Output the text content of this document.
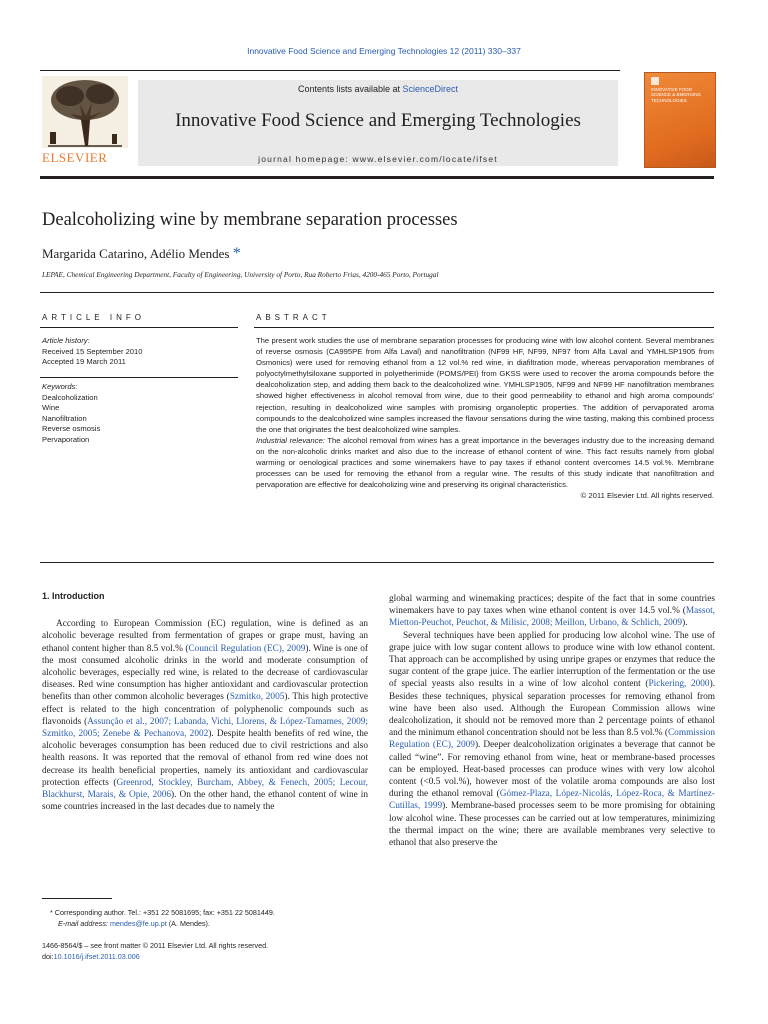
Innovative Food Science and Emerging Technologies 12 (2011) 330–337
ELSEVIER
Contents lists available at ScienceDirect
Innovative Food Science and Emerging Technologies
journal homepage: www.elsevier.com/locate/ifset
INNOVATIVE FOOD SCIENCE & EMERGING TECHNOLOGIES
Dealcoholizing wine by membrane separation processes
Margarida Catarino, Adélio Mendes *
LEPAE, Chemical Engineering Department, Faculty of Engineering, University of Porto, Rua Roberto Frias, 4200-465 Porto, Portugal
ARTICLE INFO	ABSTRACT
Article history:
Received 15 September 2010
Accepted 19 March 2011
Keywords:
Dealcoholization
Wine
Nanofiltration
Reverse osmosis
Pervaporation

The present work studies the use of membrane separation processes for producing wine with low alcohol content. Several membranes of reverse osmosis (CA995PE from Alfa Laval) and nanofiltration (NF99 HF, NF99, NF97 from Alfa Laval and YMHLSP1905 from Osmonics) were used for removing ethanol from a 12 vol.% red wine, in diafiltration mode, whereas pervaporation membranes of polyoctylmethylsiloxane supported in polyetherimide (POMS/PEI) from GKSS were used to recover the aroma compounds before the dealcoholization step, and adding them back to the dealcoholized wine. YMHLSP1905, NF99 and NF99 HF nanofiltration membranes showed higher effectiveness in alcohol removal from wine, due to their good permeability to ethanol and high aroma compounds' rejection, resulting in dealcoholized wine samples with promising organoleptic properties. The addition of pervaporated aroma compounds to the dealcoholized wine samples increased the flavour sensations during the wine tasting, making this combined process the one that originates the best dealcoholized wine samples.

Industrial relevance: The alcohol removal from wines has a great importance in the beverages industry due to the increasing demand on the non-alcoholic drinks market and also due to the increase of ethanol content of wine. This fact results namely from global warming or oenological practices and some winemakers have to pay taxes if ethanol content overcomes 14.5 vol.%. Membrane processes can be used for removing the ethanol from a regular wine. The results of this study indicate that nanofiltration and pervaporation are effective for dealcoholizing wine and preserving its original characteristics.

© 2011 Elsevier Ltd. All rights reserved.

1. Introduction

According to European Commission (EC) regulation, wine is defined as an alcoholic beverage resulted from fermentation of grapes or grape must, having an ethanol content higher than 8.5 vol.% (Council Regulation (EC), 2009). Wine is one of the most consumed alcoholic drinks in the world and moderate consumption of alcoholic beverages, especially red wine, is related to the decrease of cardiovascular diseases. Red wine consumption has higher antioxidant and cardiovascular protection benefits than other common alcoholic beverages (Szmitko, 2005). This high protective effect is related to the high concentration of polyphenolic compounds such as flavonoids (Assunção et al., 2007; Labanda, Vichi, Llorens, & López-Tamames, 2009; Szmitko, 2005; Zenebe & Pechanova, 2002). Despite health benefits of red wine, the alcoholic beverages consumption has been reduced due to civil restrictions and also health reasons. It was reported that the removal of ethanol from red wine does not decrease its health beneficial properties, namely its antioxidant and cardiovascular protection effects (Greenrod, Stockley, Burcham, Abbey, & Fenech, 2005; Lecour, Blackhurst, Marais, & Opie, 2006). On the other hand, the ethanol content of wine in some countries increased in the last decades due to namely the

global warming and winemaking practices; despite of the fact that in some countries winemakers have to pay taxes when wine ethanol content is over 14.5 vol.% (Massot, Mietton-Peuchot, Peuchot, & Milisic, 2008; Meillon, Urbano, & Schlich, 2009).

Several techniques have been applied for producing low alcohol wine. The use of grape juice with low sugar content allows to produce wine with low ethanol content. That approach can be accomplished by using unripe grapes or enzymes that reduce the sugar content of the grape juice. The earlier interruption of the fermentation or the use of special yeasts also results in a wine of low alcohol content (Pickering, 2000). Besides these techniques, physical separation processes for removing ethanol from wine have been also used. Although the European Commission allows wine dealcoholization, it should not be removed more than 2 percentage points of ethanol and the minimum ethanol concentration should not be less than 8.5 vol.% (Commission Regulation (EC), 2009). Deeper dealcoholization originates a beverage that cannot be called “wine”. For removing ethanol from wine, heat or membrane-based processes can be employed. Heat-based processes can produce wines with very low alcohol content (<0.5 vol.%), however most of the volatile aroma compounds are also lost during the ethanol removal (Gómez-Plaza, López-Nicolás, López-Roca, & Martínez-Cutillas, 1999). Membrane-based processes seem to be more promising for obtaining low alcohol wine. These processes can be carried out at low temperatures, minimizing the thermal impact on the wine; there are available membranes very selective to ethanol that also preserve the

* Corresponding author. Tel.: +351 22 5081695; fax: +351 22 5081449.
E-mail address: mendes@fe.up.pt (A. Mendes).
1466-8564/$ – see front matter © 2011 Elsevier Ltd. All rights reserved.
doi:10.1016/j.ifset.2011.03.006
